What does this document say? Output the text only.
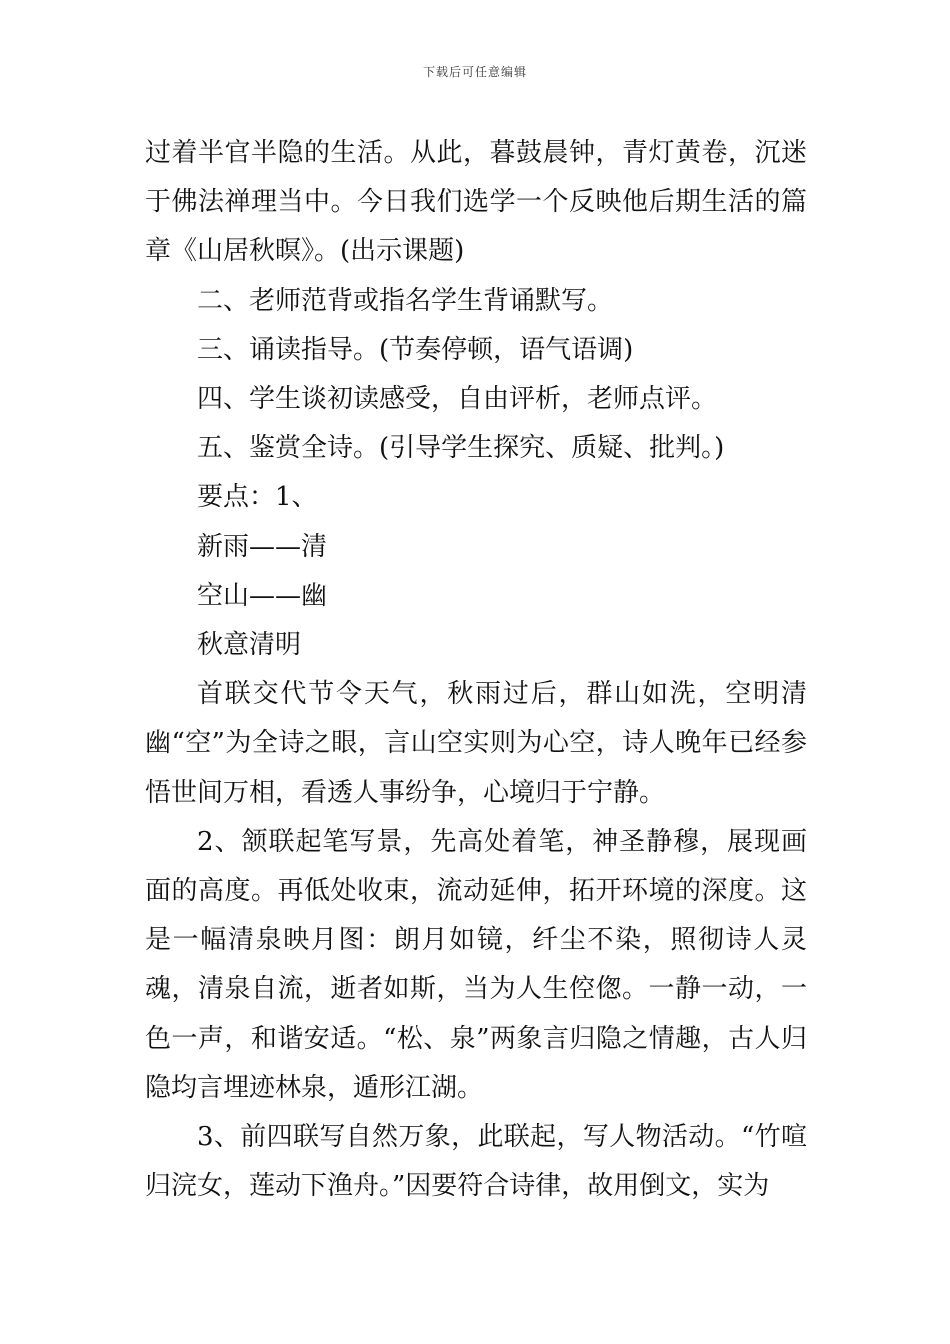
下载后可任意编辑

过着半官半隐的生活。从此，暮鼓晨钟，青灯黄卷，沉迷于佛法禅理当中。今日我们选学一个反映他后期生活的篇章《山居秋暝》。(出示课题)

二、老师范背或指名学生背诵默写。

三、诵读指导。(节奏停顿，语气语调)

四、学生谈初读感受，自由评析，老师点评。

五、鉴赏全诗。(引导学生探究、质疑、批判。)

要点：1、

新雨——清

空山——幽

秋意清明

首联交代节令天气，秋雨过后，群山如洗，空明清幽“空”为全诗之眼，言山空实则为心空，诗人晚年已经参悟世间万相，看透人事纷争，心境归于宁静。

2、颔联起笔写景，先高处着笔，神圣静穆，展现画面的高度。再低处收束，流动延伸，拓开环境的深度。这是一幅清泉映月图：朗月如镜，纤尘不染，照彻诗人灵魂，清泉自流，逝者如斯，当为人生倥偬。一静一动，一色一声，和谐安适。“松、泉”两象言归隐之情趣，古人归隐均言埋迹林泉，遁形江湖。

3、前四联写自然万象，此联起，写人物活动。“竹喧归浣女，莲动下渔舟。”因要符合诗律，故用倒文，实为
